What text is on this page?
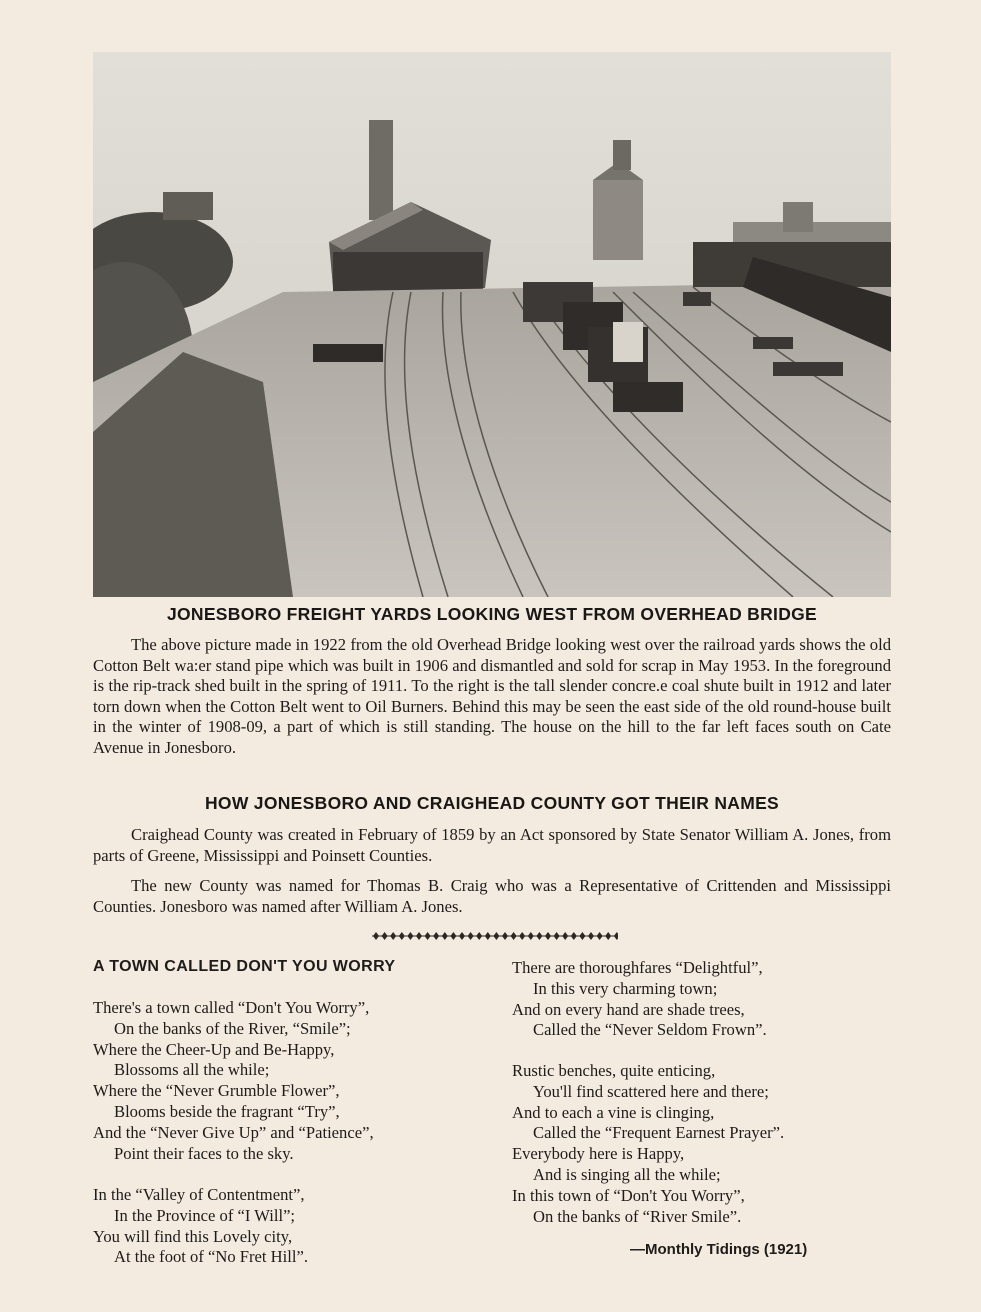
JONESBORO FREIGHT YARDS LOOKING WEST FROM OVERHEAD BRIDGE

The above picture made in 1922 from the old Overhead Bridge looking west over the railroad yards shows the old Cotton Belt wa:er stand pipe which was built in 1906 and dismantled and sold for scrap in May 1953. In the foreground is the rip-track shed built in the spring of 1911. To the right is the tall slender concre.e coal shute built in 1912 and later torn down when the Cotton Belt went to Oil Burners. Behind this may be seen the east side of the old round-house built in the winter of 1908-09, a part of which is still standing. The house on the hill to the far left faces south on Cate Avenue in Jonesboro.

HOW JONESBORO AND CRAIGHEAD COUNTY GOT THEIR NAMES

Craighead County was created in February of 1859 by an Act sponsored by State Senator William A. Jones, from parts of Greene, Mississippi and Poinsett Counties.

The new County was named for Thomas B. Craig who was a Representative of Crittenden and Mississippi Counties. Jonesboro was named after William A. Jones.

A TOWN CALLED DON'T YOU WORRY
There's a town called “Don't You Worry”,
On the banks of the River, “Smile”;
Where the Cheer-Up and Be-Happy,
Blossoms all the while;
Where the “Never Grumble Flower”,
Blooms beside the fragrant “Try”,
And the “Never Give Up” and “Patience”,
Point their faces to the sky.
In the “Valley of Contentment”,
In the Province of “I Will”;
You will find this Lovely city,
At the foot of “No Fret Hill”.
There are thoroughfares “Delightful”,
In this very charming town;
And on every hand are shade trees,
Called the “Never Seldom Frown”.
Rustic benches, quite enticing,
You'll find scattered here and there;
And to each a vine is clinging,
Called the “Frequent Earnest Prayer”.
Everybody here is Happy,
And is singing all the while;
In this town of “Don't You Worry”,
On the banks of “River Smile”.

—Monthly Tidings (1921)
